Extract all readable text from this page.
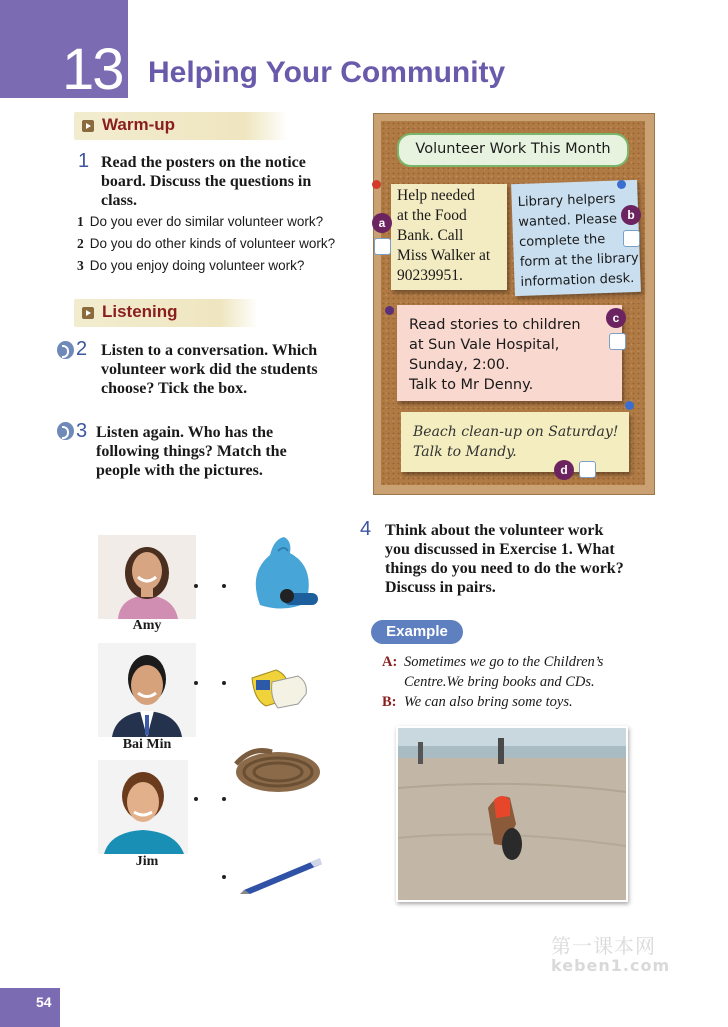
13 Helping Your Community
Warm-up
1 Read the posters on the notice
board. Discuss the questions in
class.
1 Do you ever do similar volunteer work?
2 Do you do other kinds of volunteer work?
3 Do you enjoy doing volunteer work?
Listening
2 Listen to a conversation. Which
volunteer work did the students
choose? Tick the box.
3 Listen again. Who has the
following things? Match the
people with the pictures.
Volunteer Work This Month
Help needed
at the Food
Bank. Call
Miss Walker at
90239951.
a
Library helpers
wanted. Please
complete the
form at the library
information desk.
b
Read stories to children
at Sun Vale Hospital,
Sunday, 2:00.
Talk to Mr Denny.
c
Beach clean-up on Saturday!
Talk to Mandy.
d
Amy
Bai Min
Jim
4 Think about the volunteer work
you discussed in Exercise 1. What
things do you need to do the work?
Discuss in pairs.
Example
A: Sometimes we go to the Children’s
Centre.We bring books and CDs.
B: We can also bring some toys.
第一课本网
keben1.com
54
